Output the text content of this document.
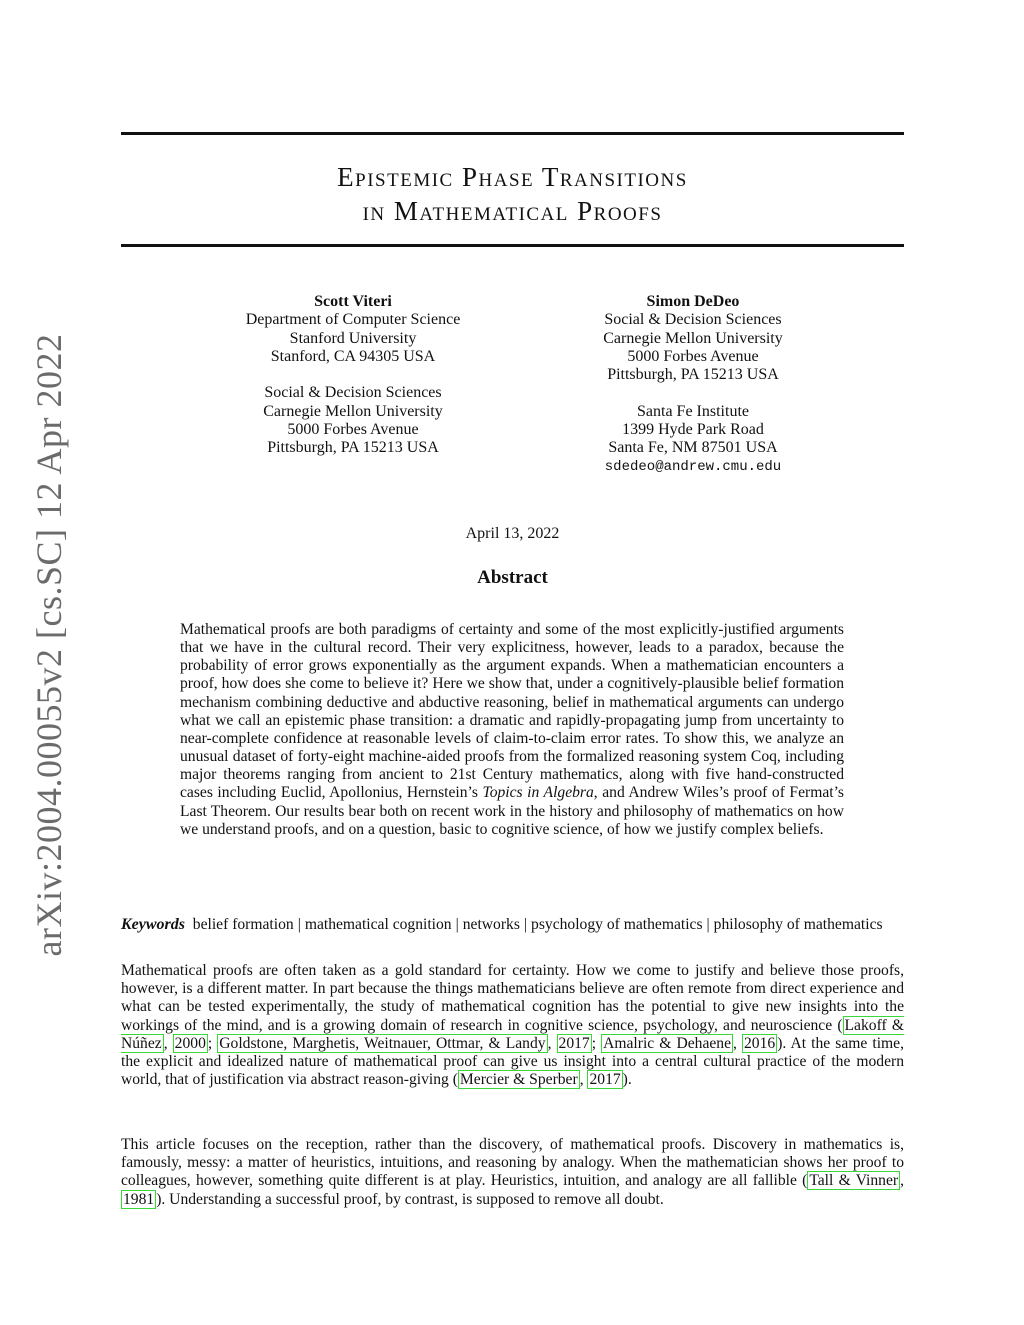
arXiv:2004.00055v2 [cs.SC] 12 Apr 2022
Epistemic Phase Transitions
in Mathematical Proofs
Scott Viteri
Department of Computer Science
Stanford University
Stanford, CA 94305 USA
Social & Decision Sciences
Carnegie Mellon University
5000 Forbes Avenue
Pittsburgh, PA 15213 USA
Simon DeDeo
Social & Decision Sciences
Carnegie Mellon University
5000 Forbes Avenue
Pittsburgh, PA 15213 USA
Santa Fe Institute
1399 Hyde Park Road
Santa Fe, NM 87501 USA
sdedeo@andrew.cmu.edu
April 13, 2022
Abstract

Mathematical proofs are both paradigms of certainty and some of the most explicitly-justified arguments that we have in the cultural record. Their very explicitness, however, leads to a paradox, because the probability of error grows exponentially as the argument expands. When a mathematician encounters a proof, how does she come to believe it? Here we show that, under a cognitively-plausible belief formation mechanism combining deductive and abductive reasoning, belief in mathematical arguments can undergo what we call an epistemic phase transition: a dramatic and rapidly-propagating jump from uncertainty to near-complete confidence at reasonable levels of claim-to-claim error rates. To show this, we analyze an unusual dataset of forty-eight machine-aided proofs from the formalized reasoning system Coq, including major theorems ranging from ancient to 21st Century mathematics, along with five hand-constructed cases including Euclid, Apollonius, Hernstein’s Topics in Algebra, and Andrew Wiles’s proof of Fermat’s Last Theorem. Our results bear both on recent work in the history and philosophy of mathematics on how we understand proofs, and on a question, basic to cognitive science, of how we justify complex beliefs.

Keywords belief formation | mathematical cognition | networks | psychology of mathematics | philosophy of mathematics

Mathematical proofs are often taken as a gold standard for certainty. How we come to justify and believe those proofs, however, is a different matter. In part because the things mathematicians believe are often remote from direct experience and what can be tested experimentally, the study of mathematical cognition has the potential to give new insights into the workings of the mind, and is a growing domain of research in cognitive science, psychology, and neuroscience ( Lakoff & Núñez , 2000 ; Goldstone, Marghetis, Weitnauer, Ottmar, & Landy , 2017 ; Amalric & Dehaene , 2016 ). At the same time, the explicit and idealized nature of mathematical proof can give us insight into a central cultural practice of the modern world, that of justification via abstract reason-giving ( Mercier & Sperber , 2017 ).

This article focuses on the reception, rather than the discovery, of mathematical proofs. Discovery in mathematics is, famously, messy: a matter of heuristics, intuitions, and reasoning by analogy. When the mathematician shows her proof to colleagues, however, something quite different is at play. Heuristics, intuition, and analogy are all fallible ( Tall & Vinner , 1981 ). Understanding a successful proof, by contrast, is supposed to remove all doubt.
